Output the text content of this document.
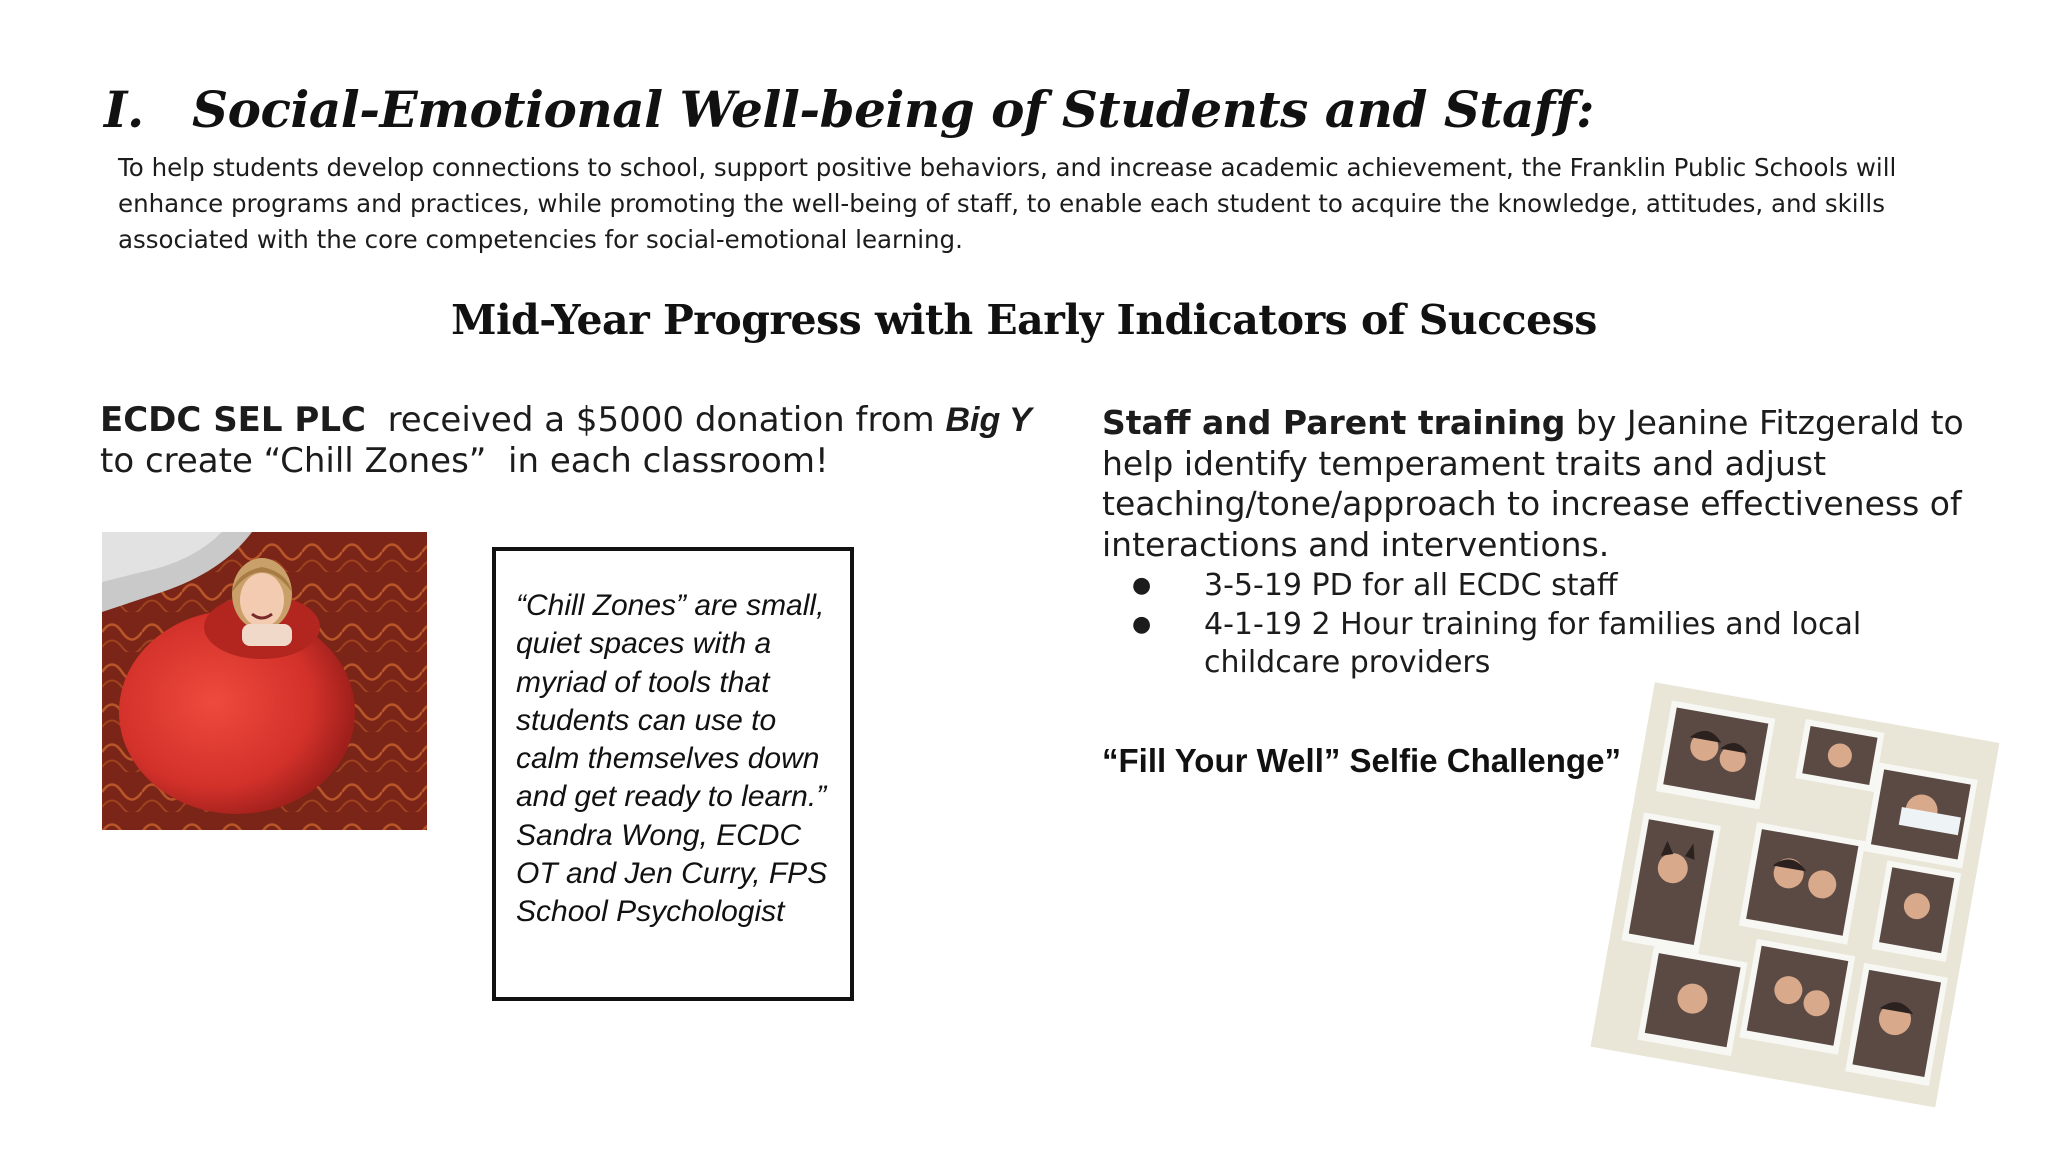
I. Social-Emotional Well-being of Students and Staff:

To help students develop connections to school, support positive behaviors, and increase academic achievement, the Franklin Public Schools will enhance programs and practices, while promoting the well-being of staff, to enable each student to acquire the knowledge, attitudes, and skills associated with the core competencies for social-emotional learning.

Mid-Year Progress with Early Indicators of Success

ECDC SEL PLC  received a $5000 donation from Big Y to create “Chill Zones”  in each classroom!

“Chill Zones” are small, quiet spaces with a myriad of tools that students can use to calm themselves down and get ready to learn.” Sandra Wong, ECDC OT and Jen Curry, FPS School Psychologist

Staff and Parent training by Jeanine Fitzgerald to help identify temperament traits and adjust teaching/tone/approach to increase effectiveness of interactions and interventions.

● 3-5-19 PD for all ECDC staff
● 4-1-19 2 Hour training for families and local childcare providers

“Fill Your Well” Selfie Challenge”
